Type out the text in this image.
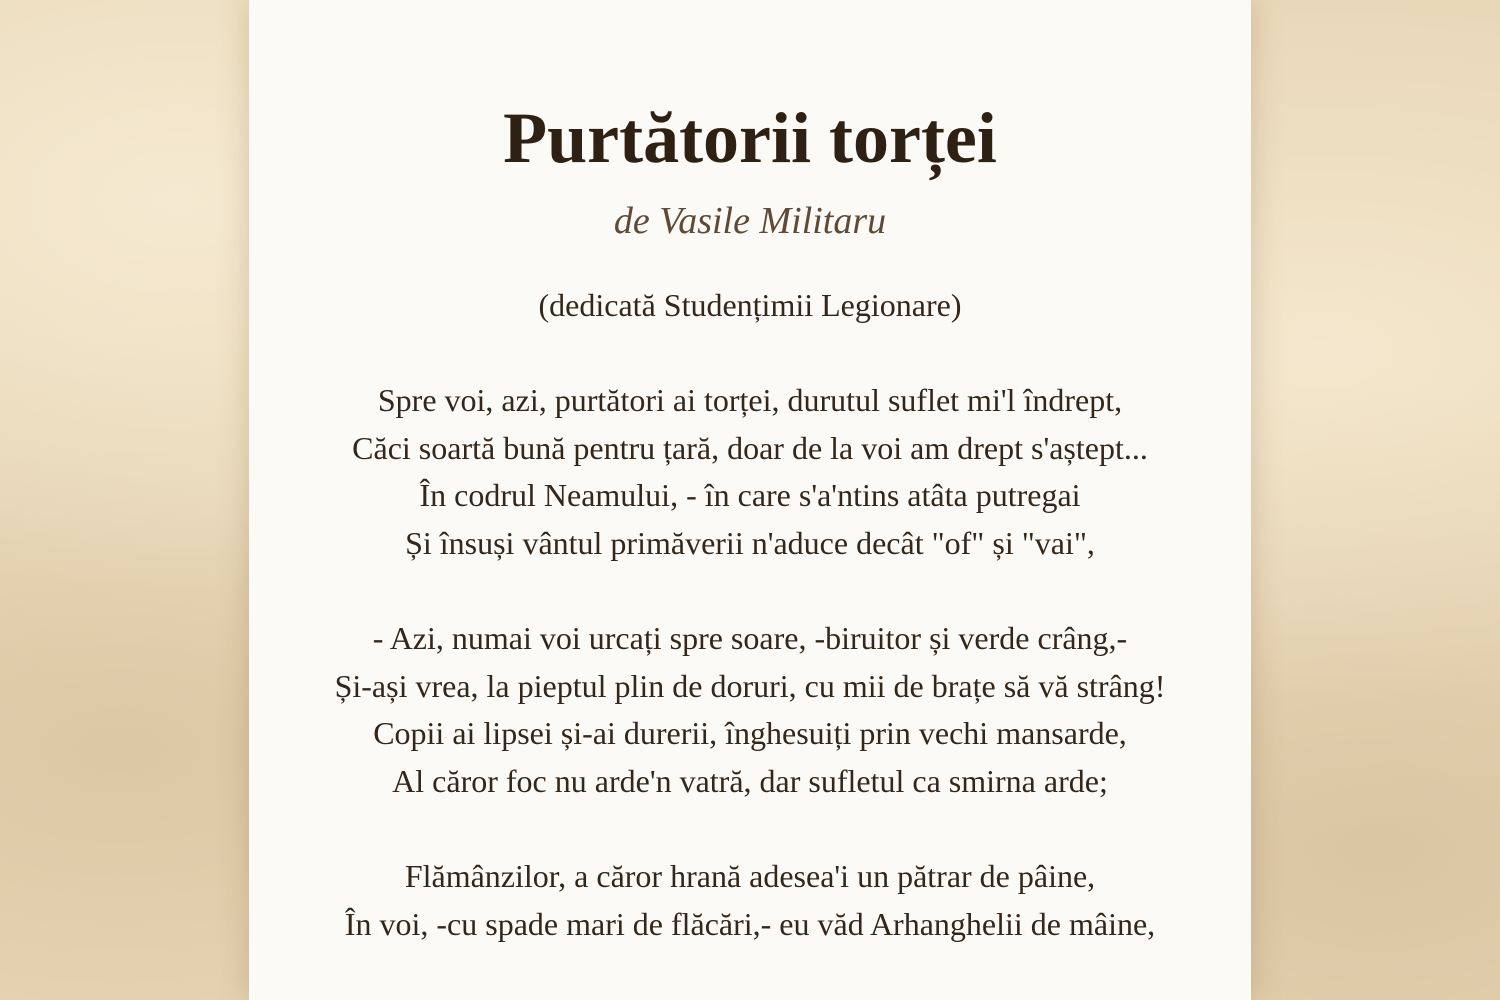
Purtătorii torței
de Vasile Militaru
(dedicată Studențimii Legionare)
Spre voi, azi, purtători ai torței, durutul suflet mi'l îndrept,
Căci soartă bună pentru țară, doar de la voi am drept s'aștept...
În codrul Neamului, - în care s'a'ntins atâta putregai
Și însuși vântul primăverii n'aduce decât "of" și "vai",
- Azi, numai voi urcați spre soare, -biruitor și verde crâng,-
Și-ași vrea, la pieptul plin de doruri, cu mii de brațe să vă strâng!
Copii ai lipsei și-ai durerii, înghesuiți prin vechi mansarde,
Al căror foc nu arde'n vatră, dar sufletul ca smirna arde;
Flămânzilor, a căror hrană adesea'i un pătrar de pâine,
În voi, -cu spade mari de flăcări,- eu văd Arhanghelii de mâine,
